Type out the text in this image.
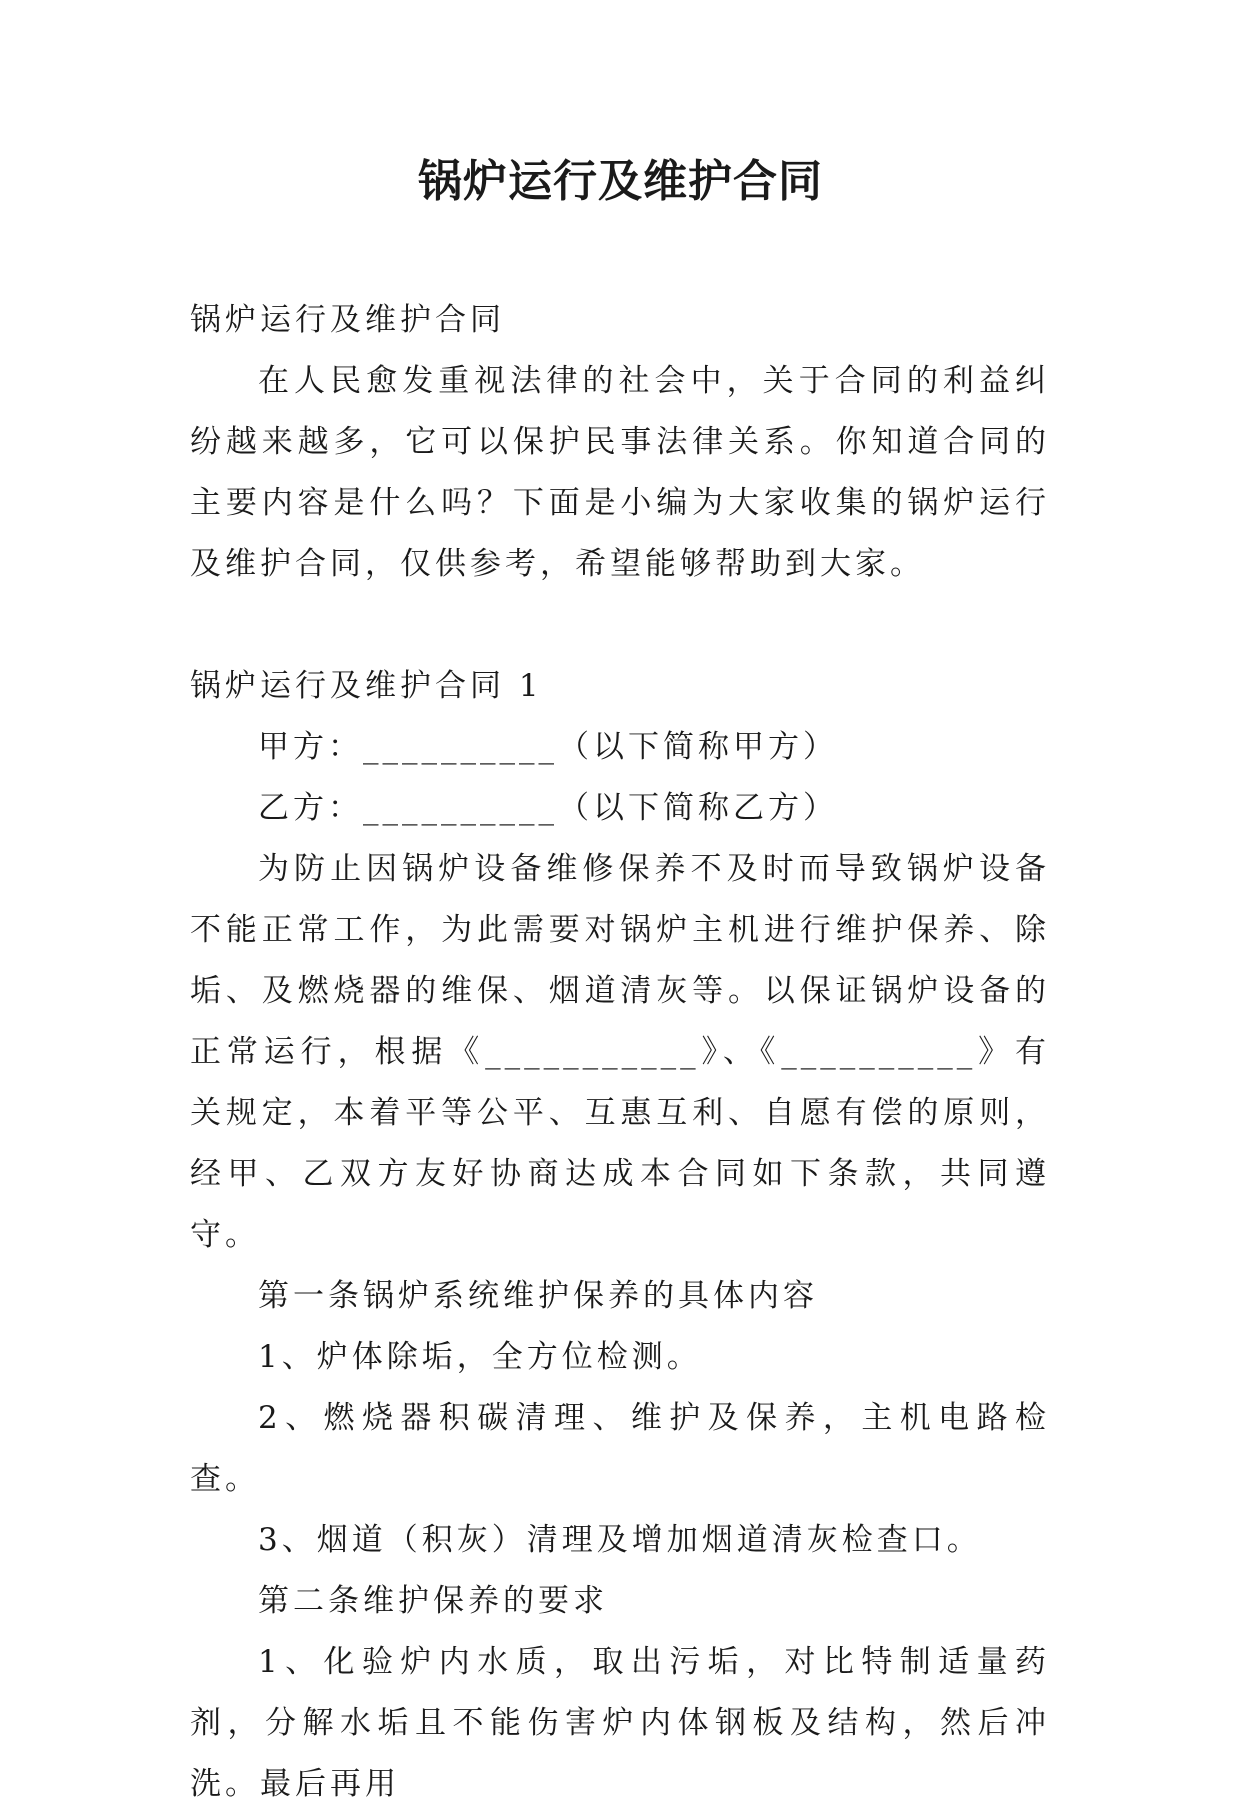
锅炉运行及维护合同

锅炉运行及维护合同

在人民愈发重视法律的社会中，关于合同的利益纠纷越来越多，它可以保护民事法律关系。你知道合同的主要内容是什么吗？下面是小编为大家收集的锅炉运行及维护合同，仅供参考，希望能够帮助到大家。

锅炉运行及维护合同 1

甲方：__________（以下简称甲方）

乙方：__________（以下简称乙方）

为防止因锅炉设备维修保养不及时而导致锅炉设备不能正常工作，为此需要对锅炉主机进行维护保养、除垢、及燃烧器的维保、烟道清灰等。以保证锅炉设备的正常运行，根据《___________》、《__________》有关规定，本着平等公平、互惠互利、自愿有偿的原则，经甲、乙双方友好协商达成本合同如下条款，共同遵守。

第一条锅炉系统维护保养的具体内容

1、炉体除垢，全方位检测。

2、燃烧器积碳清理、维护及保养，主机电路检查。

3、烟道（积灰）清理及增加烟道清灰检查口。

第二条维护保养的要求

1、化验炉内水质，取出污垢，对比特制适量药剂，分解水垢且不能伤害炉内体钢板及结构，然后冲洗。最后再用
